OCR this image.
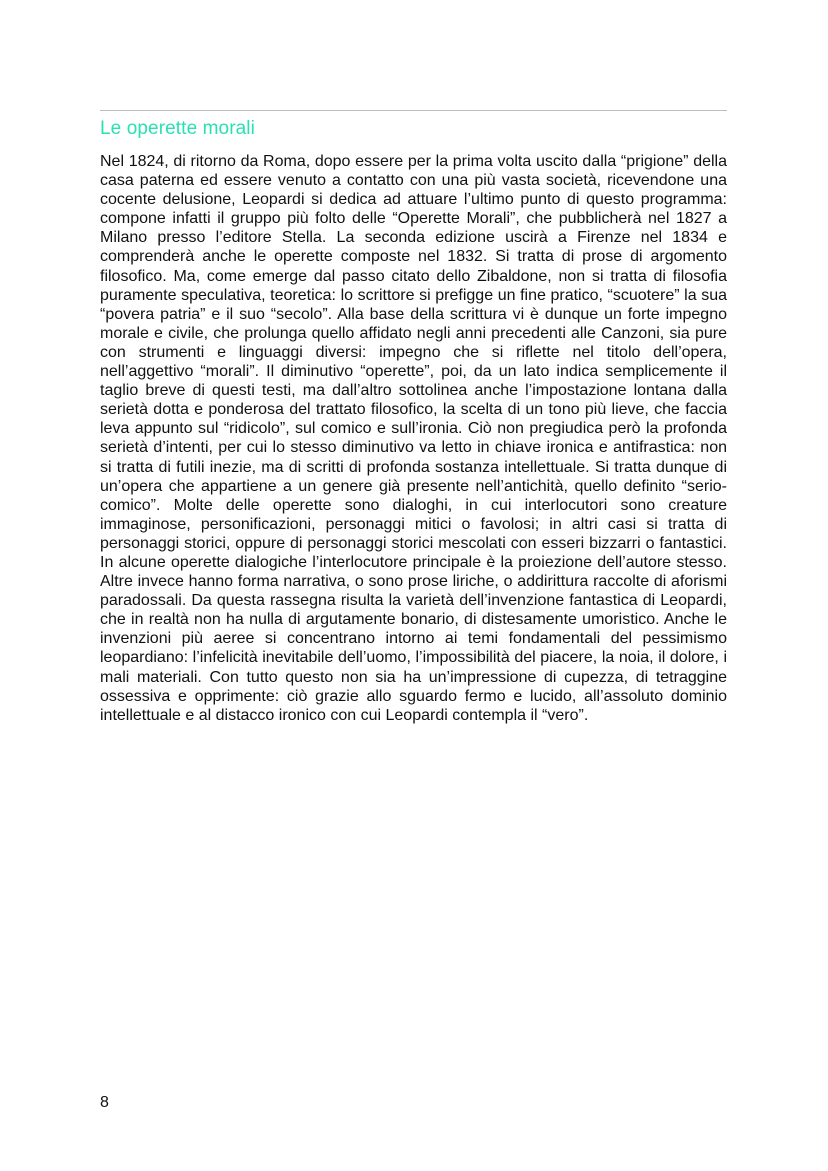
Le operette morali

Nel 1824, di ritorno da Roma, dopo essere per la prima volta uscito dalla “prigione” della casa paterna ed essere venuto a contatto con una più vasta società, ricevendone una cocente delusione, Leopardi si dedica ad attuare l’ultimo punto di questo programma: compone infatti il gruppo più folto delle “Operette Morali”, che pubblicherà nel 1827 a Milano presso l’editore Stella. La seconda edizione uscirà a Firenze nel 1834 e comprenderà anche le operette composte nel 1832. Si tratta di prose di argomento filosofico. Ma, come emerge dal passo citato dello Zibaldone, non si tratta di filosofia puramente speculativa, teoretica: lo scrittore si prefigge un fine pratico, “scuotere” la sua “povera patria” e il suo “secolo”. Alla base della scrittura vi è dunque un forte impegno morale e civile, che prolunga quello affidato negli anni precedenti alle Canzoni, sia pure con strumenti e linguaggi diversi: impegno che si riflette nel titolo dell’opera, nell’aggettivo “morali”. Il diminutivo “operette”, poi, da un lato indica semplicemente il taglio breve di questi testi, ma dall’altro sottolinea anche l’impostazione lontana dalla serietà dotta e ponderosa del trattato filosofico, la scelta di un tono più lieve, che faccia leva appunto sul “ridicolo”, sul comico e sull’ironia. Ciò non pregiudica però la profonda serietà d’intenti, per cui lo stesso diminutivo va letto in chiave ironica e antifrastica: non si tratta di futili inezie, ma di scritti di profonda sostanza intellettuale. Si tratta dunque di un’opera che appartiene a un genere già presente nell’antichità, quello definito “serio-comico”. Molte delle operette sono dialoghi, in cui interlocutori sono creature immaginose, personificazioni, personaggi mitici o favolosi; in altri casi si tratta di personaggi storici, oppure di personaggi storici mescolati con esseri bizzarri o fantastici. In alcune operette dialogiche l’interlocutore principale è la proiezione dell’autore stesso. Altre invece hanno forma narrativa, o sono prose liriche, o addirittura raccolte di aforismi paradossali. Da questa rassegna risulta la varietà dell’invenzione fantastica di Leopardi, che in realtà non ha nulla di argutamente bonario, di distesamente umoristico. Anche le invenzioni più aeree si concentrano intorno ai temi fondamentali del pessimismo leopardiano: l’infelicità inevitabile dell’uomo, l’impossibilità del piacere, la noia, il dolore, i mali materiali. Con tutto questo non sia ha un’impressione di cupezza, di tetraggine ossessiva e opprimente: ciò grazie allo sguardo fermo e lucido, all’assoluto dominio intellettuale e al distacco ironico con cui Leopardi contempla il “vero”.

8
